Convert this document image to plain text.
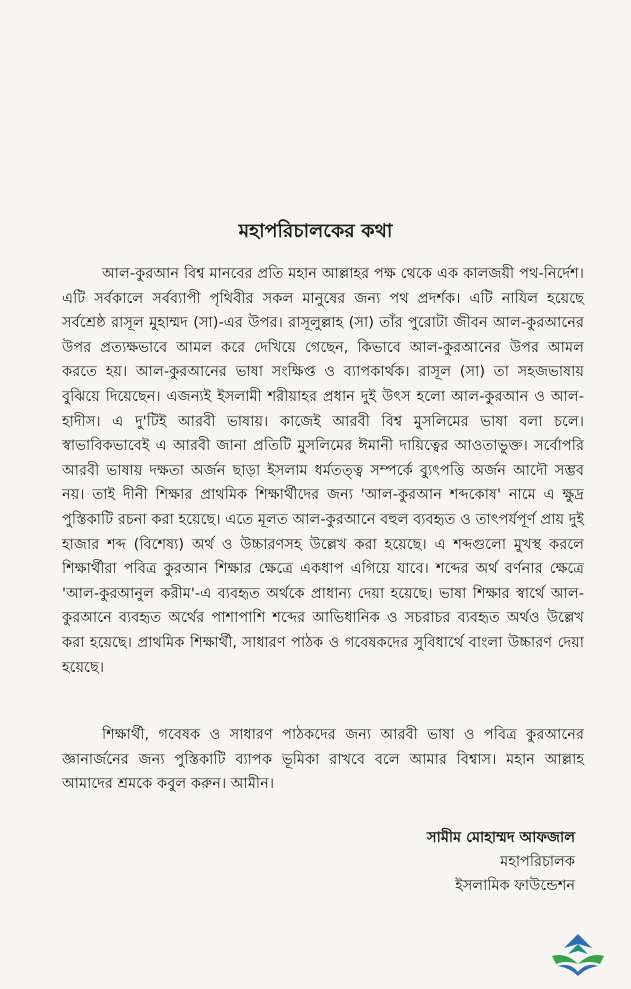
মহাপরিচালকের কথা
আল-কুরআন বিশ্ব মানবের প্রতি মহান আল্লাহর পক্ষ থেকে এক কালজয়ী পথ-নির্দেশ। এটি সর্বকালে সর্বব্যাপী পৃথিবীর সকল মানুষের জন্য পথ প্রদর্শক। এটি নাযিল হয়েছে সর্বশ্রেষ্ঠ রাসূল মুহাম্মদ (সা)-এর উপর। রাসূলুল্লাহ (সা) তাঁর পুরোটা জীবন আল-কুরআনের উপর প্রত্যক্ষভাবে আমল করে দেখিয়ে গেছেন, কিভাবে আল-কুরআনের উপর আমল করতে হয়। আল-কুরআনের ভাষা সংক্ষিপ্ত ও ব্যাপকার্থক। রাসূল (সা) তা সহজভাষায় বুঝিয়ে দিয়েছেন। এজন্যই ইসলামী শরীয়াহর প্রধান দুই উৎস হলো আল-কুরআন ও আল-হাদীস। এ দু'টিই আরবী ভাষায়। কাজেই আরবী বিশ্ব মুসলিমের ভাষা বলা চলে। স্বাভাবিকভাবেই এ আরবী জানা প্রতিটি মুসলিমের ঈমানী দায়িত্বের আওতাভুক্ত। সর্বোপরি আরবী ভাষায় দক্ষতা অর্জন ছাড়া ইসলাম ধর্মতত্ত্ব সম্পর্কে ব্যুৎপত্তি অর্জন আদৌ সম্ভব নয়। তাই দীনী শিক্ষার প্রাথমিক শিক্ষার্থীদের জন্য 'আল-কুরআন শব্দকোষ' নামে এ ক্ষুদ্র পুস্তিকাটি রচনা করা হয়েছে। এতে মূলত আল-কুরআনে বহুল ব্যবহৃত ও তাৎপর্যপূর্ণ প্রায় দুই হাজার শব্দ (বিশেষ্য) অর্থ ও উচ্চারণসহ উল্লেখ করা হয়েছে। এ শব্দগুলো মুখস্থ করলে শিক্ষার্থীরা পবিত্র কুরআন শিক্ষার ক্ষেত্রে একধাপ এগিয়ে যাবে। শব্দের অর্থ বর্ণনার ক্ষেত্রে 'আল-কুরআনুল করীম'-এ ব্যবহৃত অর্থকে প্রাধান্য দেয়া হয়েছে। ভাষা শিক্ষার স্বার্থে আল-কুরআনে ব্যবহৃত অর্থের পাশাপাশি শব্দের আভিধানিক ও সচরাচর ব্যবহৃত অর্থও উল্লেখ করা হয়েছে। প্রাথমিক শিক্ষার্থী, সাধারণ পাঠক ও গবেষকদের সুবিধার্থে বাংলা উচ্চারণ দেয়া হয়েছে।
শিক্ষার্থী, গবেষক ও সাধারণ পাঠকদের জন্য আরবী ভাষা ও পবিত্র কুরআনের জ্ঞানার্জনের জন্য পুস্তিকাটি ব্যাপক ভূমিকা রাখবে বলে আমার বিশ্বাস। মহান আল্লাহ আমাদের শ্রমকে কবুল করুন। আমীন।
সামীম মোহাম্মদ আফজাল
মহাপরিচালক
ইসলামিক ফাউন্ডেশন
